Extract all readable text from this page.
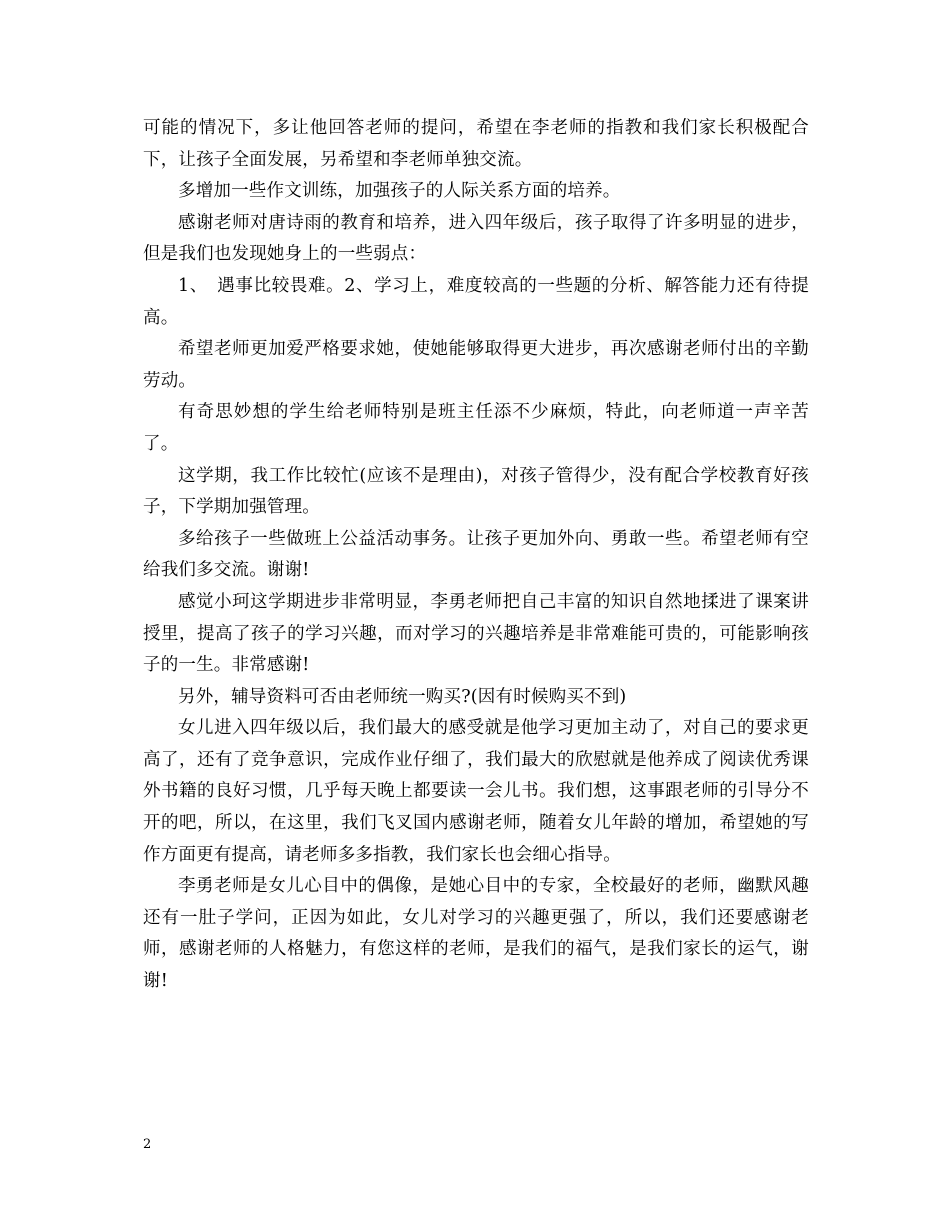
可能的情况下，多让他回答老师的提问，希望在李老师的指教和我们家长积极配合下，让孩子全面发展，另希望和李老师单独交流。

多增加一些作文训练，加强孩子的人际关系方面的培养。

感谢老师对唐诗雨的教育和培养，进入四年级后，孩子取得了许多明显的进步，但是我们也发现她身上的一些弱点：

1、　遇事比较畏难。2、学习上，难度较高的一些题的分析、解答能力还有待提高。

希望老师更加爱严格要求她，使她能够取得更大进步，再次感谢老师付出的辛勤劳动。

有奇思妙想的学生给老师特别是班主任添不少麻烦，特此，向老师道一声辛苦了。

这学期，我工作比较忙(应该不是理由)，对孩子管得少，没有配合学校教育好孩子，下学期加强管理。

多给孩子一些做班上公益活动事务。让孩子更加外向、勇敢一些。希望老师有空给我们多交流。谢谢!

感觉小珂这学期进步非常明显，李勇老师把自己丰富的知识自然地揉进了课案讲授里，提高了孩子的学习兴趣，而对学习的兴趣培养是非常难能可贵的，可能影响孩子的一生。非常感谢!

另外，辅导资料可否由老师统一购买?(因有时候购买不到)

女儿进入四年级以后，我们最大的感受就是他学习更加主动了，对自己的要求更高了，还有了竞争意识，完成作业仔细了，我们最大的欣慰就是他养成了阅读优秀课外书籍的良好习惯，几乎每天晚上都要读一会儿书。我们想，这事跟老师的引导分不开的吧，所以，在这里，我们飞叉国内感谢老师，随着女儿年龄的增加，希望她的写作方面更有提高，请老师多多指教，我们家长也会细心指导。

李勇老师是女儿心目中的偶像，是她心目中的专家，全校最好的老师，幽默风趣还有一肚子学问，正因为如此，女儿对学习的兴趣更强了，所以，我们还要感谢老师，感谢老师的人格魅力，有您这样的老师，是我们的福气，是我们家长的运气，谢谢!

2
